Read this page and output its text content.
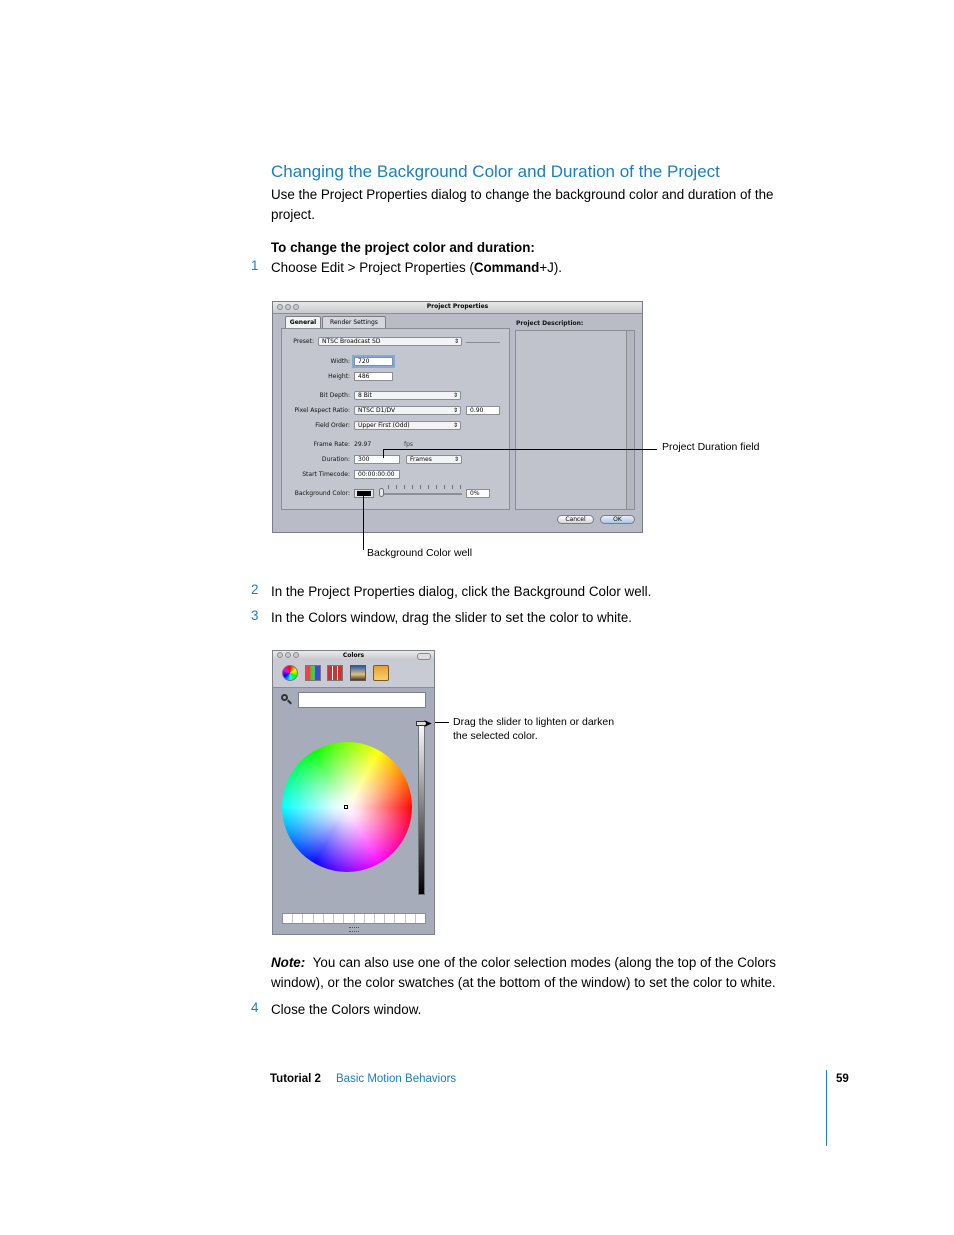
Changing the Background Color and Duration of the Project
Use the Project Properties dialog to change the background color and duration of the
project.
To change the project color and duration:
1 Choose Edit > Project Properties (Command+J).
Project Properties
General	Render Settings
Preset:	NTSC Broadcast SD	⇕
Width:	720
Height:	486
Bit Depth:	8 Bit	⇕
Pixel Aspect Ratio:	NTSC D1/DV	⇕	0.90
Field Order:	Upper First (Odd)	⇕
Frame Rate: 29.97	fps
Duration:	300	Frames	⇕
Start Timecode:	00:00:00:00
Background Color:	0%
Project Description:
Cancel	OK
Project Duration field
Background Color well
2 In the Project Properties dialog, click the Background Color well.
3 In the Colors window, drag the slider to set the color to white.
Colors
➤ Drag the slider to lighten or darken
the selected color.
Note: You can also use one of the color selection modes (along the top of the Colors
window), or the color swatches (at the bottom of the window) to set the color to white.
4 Close the Colors window.
Tutorial 2 Basic Motion Behaviors	59
